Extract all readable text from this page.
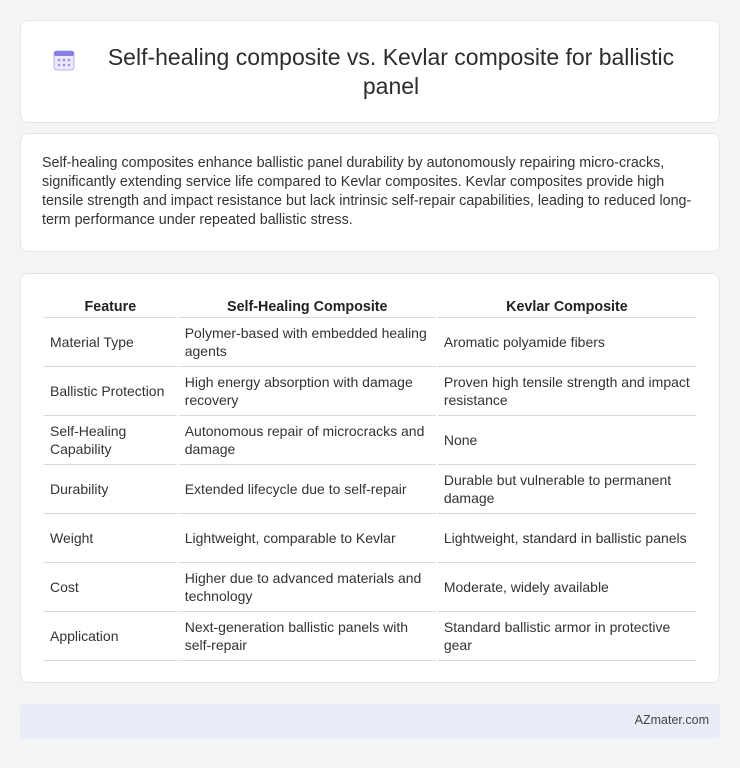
Self-healing composite vs. Kevlar composite for ballistic panel

Self-healing composites enhance ballistic panel durability by autonomously repairing micro-cracks, significantly extending service life compared to Kevlar composites. Kevlar composites provide high tensile strength and impact resistance but lack intrinsic self-repair capabilities, leading to reduced long-term performance under repeated ballistic stress.

Feature	Self-Healing Composite	Kevlar Composite
Material Type	Polymer-based with embedded healing agents	Aromatic polyamide fibers
Ballistic Protection	High energy absorption with damage recovery	Proven high tensile strength and impact resistance
Self-Healing Capability	Autonomous repair of microcracks and damage	None
Durability	Extended lifecycle due to self-repair	Durable but vulnerable to permanent damage
Weight	Lightweight, comparable to Kevlar	Lightweight, standard in ballistic panels
Cost	Higher due to advanced materials and technology	Moderate, widely available
Application	Next-generation ballistic panels with self-repair	Standard ballistic armor in protective gear
AZmater.com
